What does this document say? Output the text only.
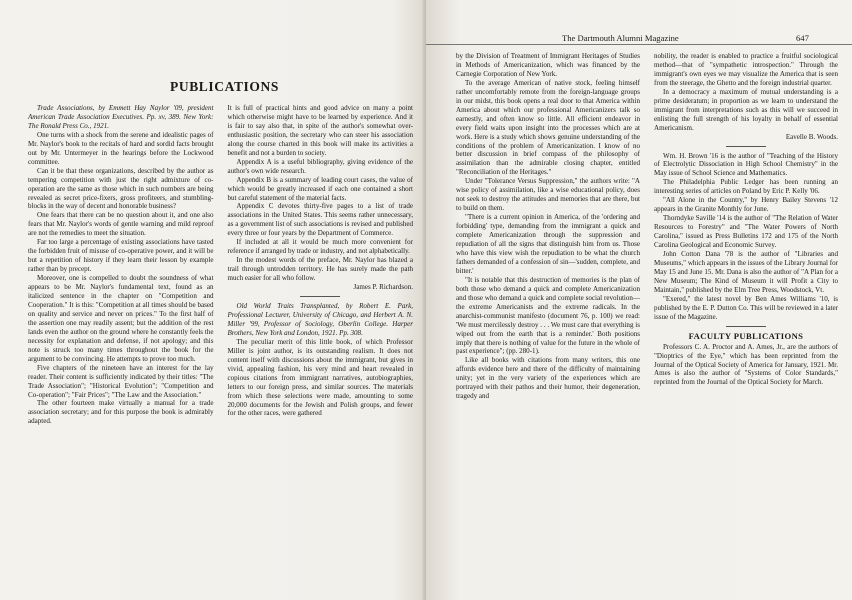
PUBLICATIONS

Trade Associations, by Emmett Hay Naylor '09, president American Trade Association Executives. Pp. xv, 389. New York: The Ronald Press Co., 1921.

One turns with a shock from the serene and idealistic pages of Mr. Naylor's book to the recitals of hard and sordid facts brought out by Mr. Untermeyer in the hearings before the Lockwood committee.

Can it be that these organizations, described by the author as tempering competition with just the right admixture of co-operation are the same as those which in such numbers are being revealed as secret price-fixers, gross profiteers, and stumbling-blocks in the way of decent and honorable business?

One fears that there can be no question about it, and one also fears that Mr. Naylor's words of gentle warning and mild reproof are not the remedies to meet the situation.

Far too large a percentage of existing associations have tasted the forbidden fruit of misuse of co-operative power, and it will be but a repetition of history if they learn their lesson by example rather than by precept.

Moreover, one is compelled to doubt the soundness of what appears to be Mr. Naylor's fundamental text, found as an italicized sentence in the chapter on "Competition and Cooperation." It is this: "Competition at all times should be based on quality and service and never on prices." To the first half of the assertion one may readily assent; but the addition of the rest lands even the author on the ground where he constantly feels the necessity for explanation and defense, if not apology; and this note is struck too many times throughout the book for the argument to be convincing. He attempts to prove too much.

Five chapters of the nineteen have an interest for the lay reader. Their content is sufficiently indicated by their titles: "The Trade Association"; "Historical Evolution"; "Competition and Co-operation"; "Fair Prices"; "The Law and the Association."

The other fourteen make virtually a manual for a trade association secretary; and for this purpose the book is admirably adapted.

It is full of practical hints and good advice on many a point which otherwise might have to be learned by experience. And it is fair to say also that, in spite of the author's somewhat over-enthusiastic position, the secretary who can steer his association along the course charted in this book will make its activities a benefit and not a burden to society.

Appendix A is a useful bibliography, giving evidence of the author's own wide research.

Appendix B is a summary of leading court cases, the value of which would be greatly increased if each one contained a short but careful statement of the material facts.

Appendix C devotes thirty-five pages to a list of trade associations in the United States. This seems rather unnecessary, as a government list of such associations is revised and published every three or four years by the Department of Commerce.

If included at all it would be much more convenient for reference if arranged by trade or industry, and not alphabetically.

In the modest words of the preface, Mr. Naylor has blazed a trail through untrodden territory. He has surely made the path much easier for all who follow.

James P. Richardson.

Old World Traits Transplanted, by Robert E. Park, Professional Lecturer, University of Chicago, and Herbert A. N. Miller '99, Professor of Sociology, Oberlin College. Harper Brothers, New York and London, 1921. Pp. 308.

The peculiar merit of this little book, of which Professor Miller is joint author, is its outstanding realism. It does not content itself with discussions about the immigrant, but gives in vivid, appealing fashion, his very mind and heart revealed in copious citations from immigrant narratives, autobiographies, letters to our foreign press, and similar sources. The materials from which these selections were made, amounting to some 20,000 documents for the Jewish and Polish groups, and fewer for the other races, were gathered

The Dartmouth Alumni Magazine	647

by the Division of Treatment of Immigrant Heritages of Studies in Methods of Americanization, which was financed by the Carnegie Corporation of New York.

To the average American of native stock, feeling himself rather uncomfortably remote from the foreign-language groups in our midst, this book opens a real door to that America within America about which our professional Americanizers talk so earnestly, and often know so little. All efficient endeavor in every field waits upon insight into the processes which are at work. Here is a study which shows genuine understanding of the conditions of the problem of Americanization. I know of no better discussion in brief compass of the philosophy of assimilation than the admirable closing chapter, entitled "Reconciliation of the Heritages."

Under "Tolerance Versus Suppression," the authors write: "A wise policy of assimilation, like a wise educational policy, does not seek to destroy the attitudes and memories that are there, but to build on them.

"There is a current opinion in America, of the 'ordering and forbidding' type, demanding from the immigrant a quick and complete Americanization through the suppression and repudiation of all the signs that distinguish him from us. Those who have this view wish the repudiation to be what the church fathers demanded of a confession of sin—'sudden, complete, and bitter.'

"It is notable that this destruction of memories is the plan of both those who demand a quick and complete Americanization and those who demand a quick and complete social revolution—the extreme Americanists and the extreme radicals. In the anarchist-communist manifesto (document 76, p. 100) we read: 'We must mercilessly destroy . . . We must care that everything is wiped out from the earth that is a reminder.' Both positions imply that there is nothing of value for the future in the whole of past experience"; (pp. 280-1).

Like all books with citations from many writers, this one affords evidence here and there of the difficulty of maintaining unity; yet in the very variety of the experiences which are portrayed with their pathos and their humor, their degeneration, tragedy and

nobility, the reader is enabled to practice a fruitful sociological method—that of "sympathetic introspection." Through the immigrant's own eyes we may visualize the America that is seen from the steerage, the Ghetto and the foreign industrial quarter.

In a democracy a maximum of mutual understanding is a prime desideratum; in proportion as we learn to understand the immigrant from interpretations such as this will we succeed in enlisting the full strength of his loyalty in behalf of essential Americanism.

Eavelle B. Woods.

Wm. H. Brown '16 is the author of "Teaching of the History of Electrolytic Dissociation in High School Chemistry" in the May issue of School Science and Mathematics.

The Philadelphia Public Ledger has been running an interesting series of articles on Poland by Eric P. Kelly '06.

"All Alone in the Country," by Henry Bailey Stevens '12 appears in the Granite Monthly for June.

Thorndyke Saville '14 is the author of "The Relation of Water Resources to Forestry" and "The Water Powers of North Carolina," issued as Press Bulletins 172 and 175 of the North Carolina Geological and Economic Survey.

John Cotton Dana '78 is the author of "Libraries and Museums," which appears in the issues of the Library Journal for May 15 and June 15. Mr. Dana is also the author of "A Plan for a New Museum; The Kind of Museum it will Profit a City to Maintain," published by the Elm Tree Press, Woodstock, Vt.

"Exered," the latest novel by Ben Ames Williams '10, is published by the E. P. Dutton Co. This will be reviewed in a later issue of the Magazine.

FACULTY PUBLICATIONS

Professors C. A. Proctor and A. Ames, Jr., are the authors of "Dioptrics of the Eye," which has been reprinted from the Journal of the Optical Society of America for January, 1921. Mr. Ames is also the author of "Systems of Color Standards," reprinted from the Journal of the Optical Society for March.
